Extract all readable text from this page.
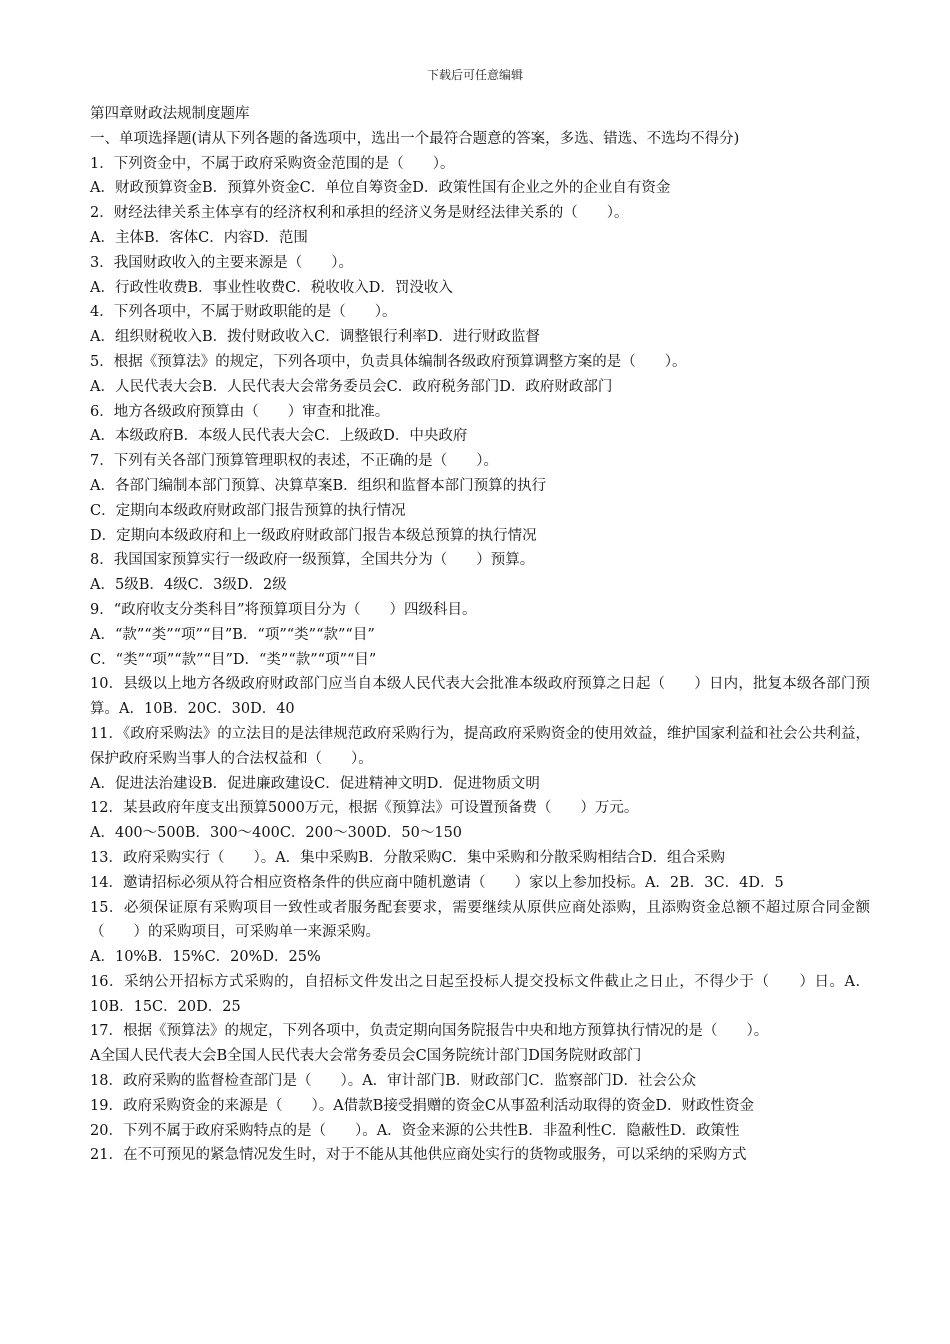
下载后可任意编辑
第四章财政法规制度题库
一、单项选择题(请从下列各题的备选项中，选出一个最符合题意的答案，多选、错选、不选均不得分)
1．下列资金中，不属于政府采购资金范围的是（　　）。
A．财政预算资金B．预算外资金C．单位自筹资金D．政策性国有企业之外的企业自有资金
2．财经法律关系主体享有的经济权利和承担的经济义务是财经法律关系的（　　）。
A．主体B．客体C．内容D．范围
3．我国财政收入的主要来源是（　　）。
A．行政性收费B．事业性收费C．税收收入D．罚没收入
4．下列各项中，不属于财政职能的是（　　）。
A．组织财税收入B．拨付财政收入C．调整银行利率D．进行财政监督
5．根据《预算法》的规定，下列各项中，负责具体编制各级政府预算调整方案的是（　　）。
A．人民代表大会B．人民代表大会常务委员会C．政府税务部门D．政府财政部门
6．地方各级政府预算由（　　）审查和批准。
A．本级政府B．本级人民代表大会C．上级政D．中央政府
7．下列有关各部门预算管理职权的表述，不正确的是（　　）。
A．各部门编制本部门预算、决算草案B．组织和监督本部门预算的执行
C．定期向本级政府财政部门报告预算的执行情况
D．定期向本级政府和上一级政府财政部门报告本级总预算的执行情况
8．我国国家预算实行一级政府一级预算，全国共分为（　　）预算。
A．5级B．4级C．3级D．2级
9．“政府收支分类科目”将预算项目分为（　　）四级科目。
A．“款”“类”“项”“目”B．“项”“类”“款”“目”
C．“类”“项”“款”“目”D．“类”“款”“项”“目”
10．县级以上地方各级政府财政部门应当自本级人民代表大会批准本级政府预算之日起（　　）日内，批复本级各部门预算。A．10B．20C．30D．40
11．《政府采购法》的立法目的是法律规范政府采购行为，提高政府采购资金的使用效益，维护国家利益和社会公共利益，保护政府采购当事人的合法权益和（　　）。
A．促进法治建设B．促进廉政建设C．促进精神文明D．促进物质文明
12．某县政府年度支出预算5000万元，根据《预算法》可设置预备费（　　）万元。
A．400～500B．300～400C．200～300D．50～150
13．政府采购实行（　　）。A．集中采购B．分散采购C．集中采购和分散采购相结合D．组合采购
14．邀请招标必须从符合相应资格条件的供应商中随机邀请（　　）家以上参加投标。A．2B．3C．4D．5
15．必须保证原有采购项目一致性或者服务配套要求，需要继续从原供应商处添购，且添购资金总额不超过原合同金额（　　）的采购项目，可采购单一来源采购。
A．10%B．15%C．20%D．25%
16．采纳公开招标方式采购的，自招标文件发出之日起至投标人提交投标文件截止之日止，不得少于（　　）日。A．10B．15C．20D．25
17．根据《预算法》的规定，下列各项中，负责定期向国务院报告中央和地方预算执行情况的是（　　）。
A全国人民代表大会B全国人民代表大会常务委员会C国务院统计部门D国务院财政部门
18．政府采购的监督检查部门是（　　）。A．审计部门B．财政部门C．监察部门D．社会公众
19．政府采购资金的来源是（　　）。A借款B接受捐赠的资金C从事盈利活动取得的资金D．财政性资金
20．下列不属于政府采购特点的是（　　）。A．资金来源的公共性B．非盈利性C．隐蔽性D．政策性
21．在不可预见的紧急情况发生时，对于不能从其他供应商处实行的货物或服务，可以采纳的采购方式
